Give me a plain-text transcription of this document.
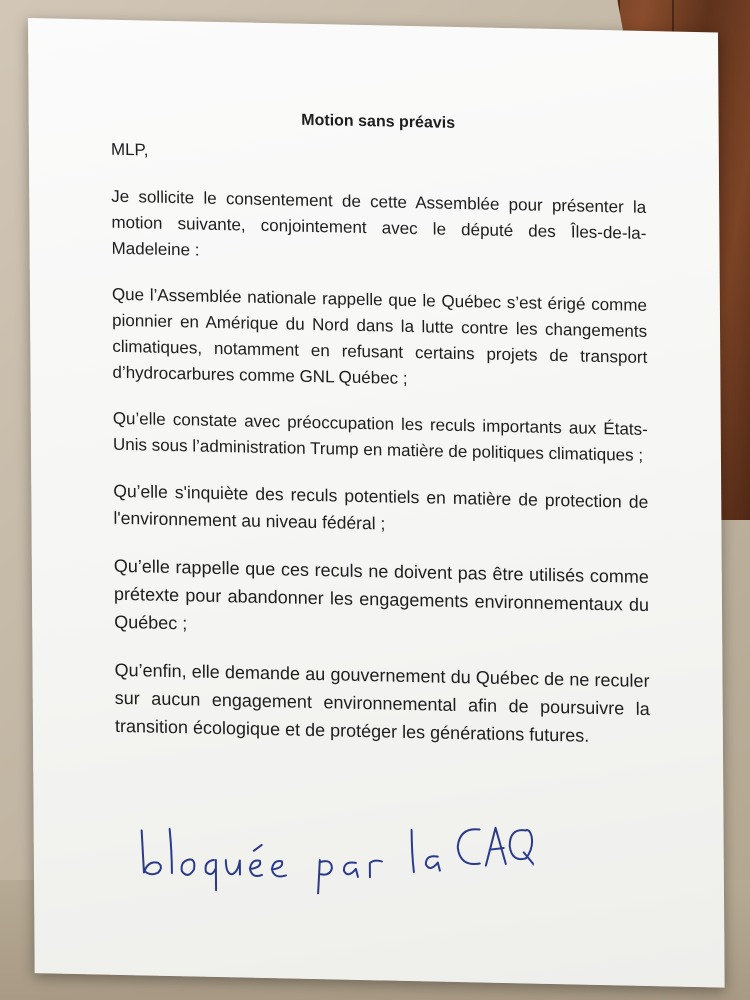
Motion sans préavis
MLP,

Je sollicite le consentement de cette Assemblée pour présenter la motion suivante, conjointement avec le député des Îles-de-la-Madeleine :

Que l’Assemblée nationale rappelle que le Québec s’est érigé comme pionnier en Amérique du Nord dans la lutte contre les changements climatiques, notamment en refusant certains projets de transport d’hydrocarbures comme GNL Québec ;

Qu’elle constate avec préoccupation les reculs importants aux États-Unis sous l’administration Trump en matière de politiques climatiques ;

Qu’elle s'inquiète des reculs potentiels en matière de protection de l'environnement au niveau fédéral ;

Qu’elle rappelle que ces reculs ne doivent pas être utilisés comme prétexte pour abandonner les engagements environnementaux du Québec ;

Qu’enfin, elle demande au gouvernement du Québec de ne reculer sur aucun engagement environnemental afin de poursuivre la transition écologique et de protéger les générations futures.
